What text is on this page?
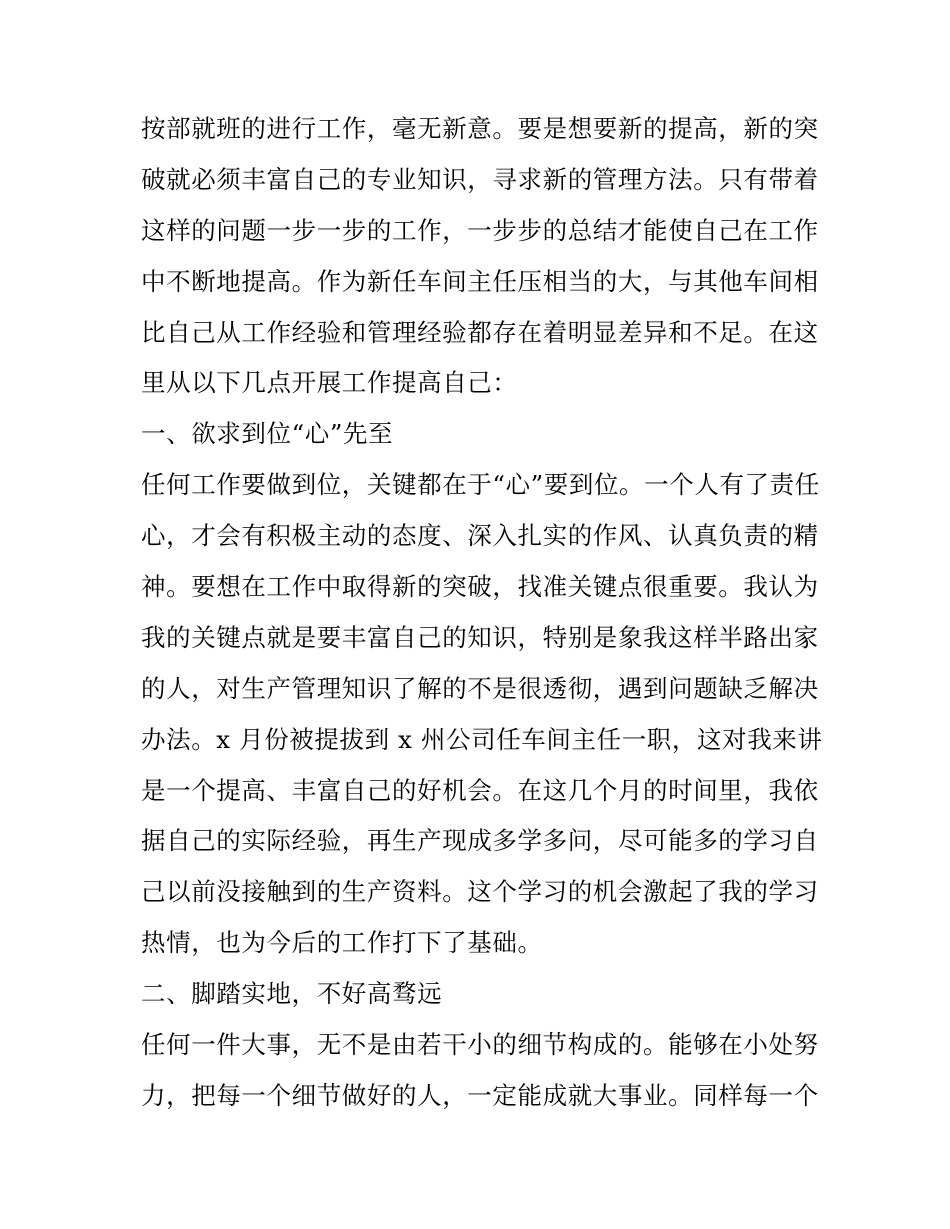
按部就班的进行工作，毫无新意。要是想要新的提高，新的突
破就必须丰富自己的专业知识，寻求新的管理方法。只有带着
这样的问题一步一步的工作，一步步的总结才能使自己在工作
中不断地提高。作为新任车间主任压相当的大，与其他车间相
比自己从工作经验和管理经验都存在着明显差异和不足。在这
里从以下几点开展工作提高自己：
一、欲求到位“心”先至
任何工作要做到位，关键都在于“心”要到位。一个人有了责任
心，才会有积极主动的态度、深入扎实的作风、认真负责的精
神。要想在工作中取得新的突破，找准关键点很重要。我认为
我的关键点就是要丰富自己的知识，特别是象我这样半路出家
的人，对生产管理知识了解的不是很透彻，遇到问题缺乏解决
办法。x 月份被提拔到 x 州公司任车间主任一职，这对我来讲
是一个提高、丰富自己的好机会。在这几个月的时间里，我依
据自己的实际经验，再生产现成多学多问，尽可能多的学习自
己以前没接触到的生产资料。这个学习的机会激起了我的学习
热情，也为今后的工作打下了基础。
二、脚踏实地，不好高骛远
任何一件大事，无不是由若干小的细节构成的。能够在小处努
力，把每一个细节做好的人，一定能成就大事业。同样每一个
